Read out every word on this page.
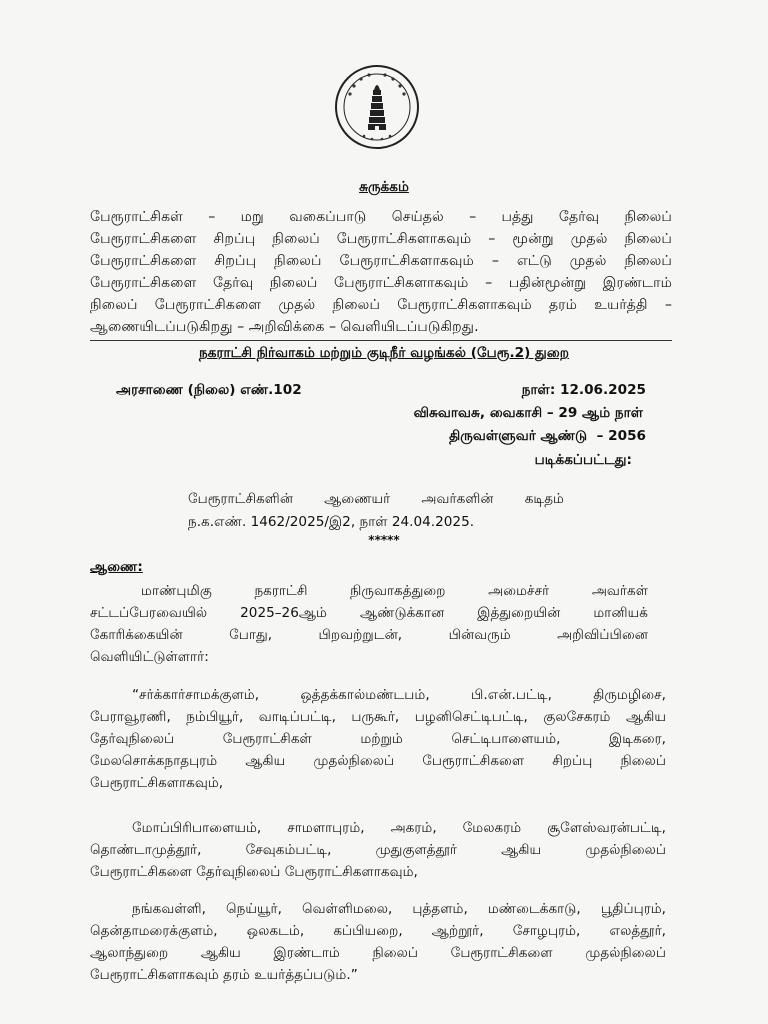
சுருக்கம்
பேரூராட்சிகள் – மறு வகைப்பாடு செய்தல் – பத்து தேர்வு நிலைப்
பேரூராட்சிகளை சிறப்பு நிலைப் பேரூராட்சிகளாகவும் – மூன்று முதல் நிலைப்
பேரூராட்சிகளை சிறப்பு நிலைப் பேரூராட்சிகளாகவும் – எட்டு முதல் நிலைப்
பேரூராட்சிகளை தேர்வு நிலைப் பேரூராட்சிகளாகவும் – பதின்மூன்று இரண்டாம்
நிலைப் பேரூராட்சிகளை முதல் நிலைப் பேரூராட்சிகளாகவும் தரம் உயர்த்தி –
ஆணையிடப்படுகிறது – அறிவிக்கை – வெளியிடப்படுகிறது.
நகராட்சி நிர்வாகம் மற்றும் குடிநீர் வழங்கல் (பேரூ.2) துறை
அரசாணை (நிலை) எண்.102	நாள்: 12.06.2025
விசுவாவசு, வைகாசி – 29 ஆம் நாள்
திருவள்ளுவர் ஆண்டு  – 2056
படிக்கப்பட்டது:
பேரூராட்சிகளின் ஆணையர் அவர்களின் கடிதம்
ந.க.எண். 1462/2025/இ2, நாள் 24.04.2025.
*****
ஆணை:
மாண்புமிகு நகராட்சி நிருவாகத்துறை அமைச்சர் அவர்கள்
சட்டப்பேரவையில் 2025–26ஆம் ஆண்டுக்கான இத்துறையின் மானியக்
கோரிக்கையின் போது, பிறவற்றுடன், பின்வரும் அறிவிப்பினை
வெளியிட்டுள்ளார்:
“சர்க்கார்சாமக்குளம், ஒத்தக்கால்மண்டபம், பி.என்.பட்டி, திருமழிசை,
பேராவூரணி, நம்பியூர், வாடிப்பட்டி, பருகூர், பழனிசெட்டிபட்டி, குலசேகரம் ஆகிய
தேர்வுநிலைப் பேரூராட்சிகள் மற்றும் செட்டிபாளையம், இடிகரை,
மேலசொக்கநாதபுரம் ஆகிய முதல்நிலைப் பேரூராட்சிகளை சிறப்பு நிலைப்
பேரூராட்சிகளாகவும்,
மோப்பிரிபாளையம், சாமளாபுரம், அகரம், மேலகரம் சூளேஸ்வரன்பட்டி,
தொண்டாமுத்தூர், சேவுகம்பட்டி, முதுகுளத்தூர் ஆகிய முதல்நிலைப்
பேரூராட்சிகளை தேர்வுநிலைப் பேரூராட்சிகளாகவும்,
நங்கவள்ளி, நெய்யூர், வெள்ளிமலை, புத்தளம், மண்டைக்காடு, பூதிப்புரம்,
தென்தாமரைக்குளம், ஒலகடம், கப்பியறை, ஆற்றூர், சோழபுரம், எலத்தூர்,
ஆலாந்துறை ஆகிய இரண்டாம் நிலைப் பேரூராட்சிகளை முதல்நிலைப்
பேரூராட்சிகளாகவும் தரம் உயர்த்தப்படும்.”
